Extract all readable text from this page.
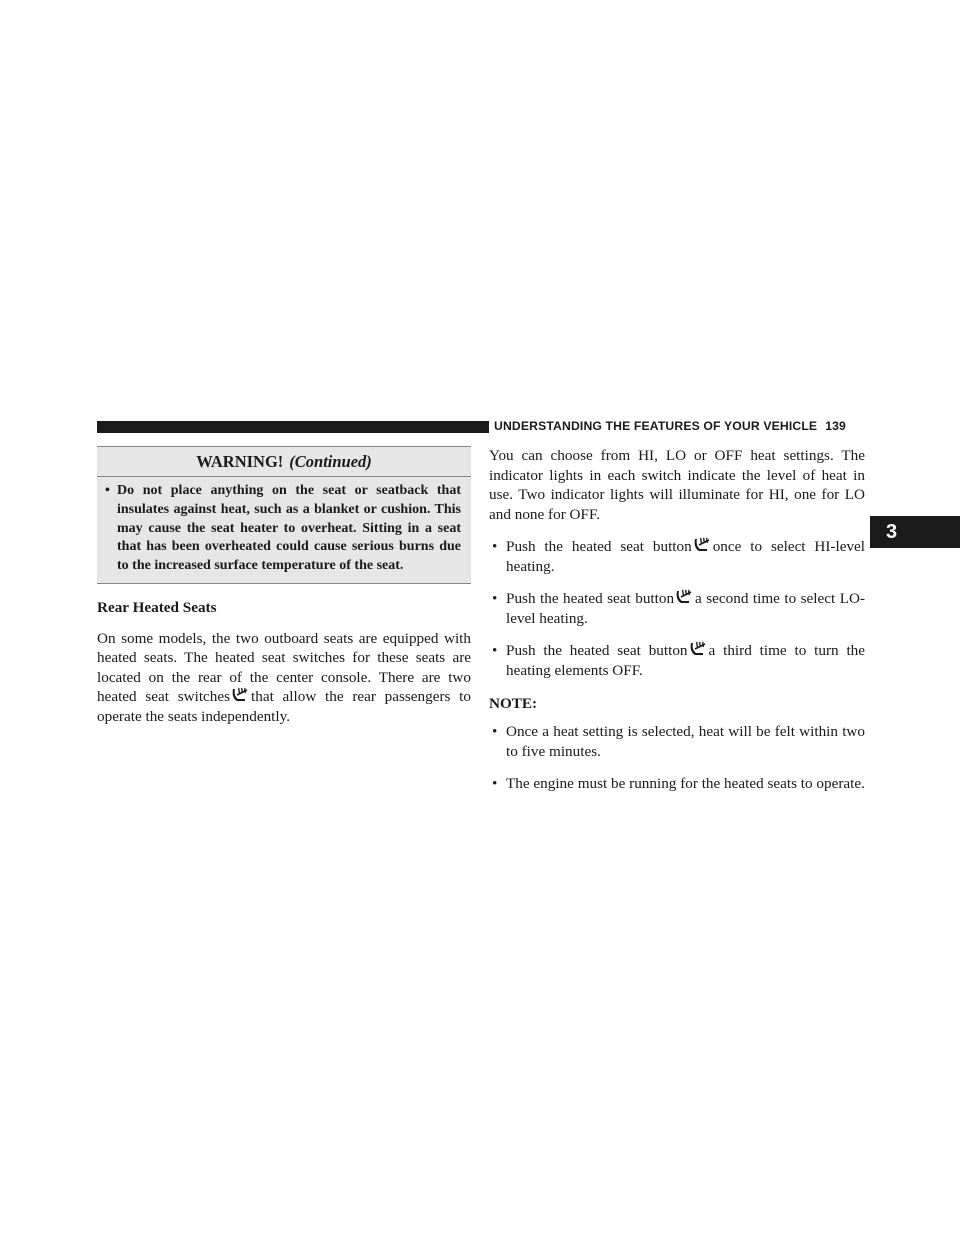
UNDERSTANDING THE FEATURES OF YOUR VEHICLE 139
3
WARNING! (Continued)
• Do not place anything on the seat or seatback that insulates against heat, such as a blanket or cushion. This may cause the seat heater to overheat. Sitting in a seat that has been overheated could cause serious burns due to the increased surface temperature of the seat.
Rear Heated Seats

On some models, the two outboard seats are equipped with heated seats. The heated seat switches for these seats are located on the rear of the center console. There are two heated seat switches that allow the rear passengers to operate the seats independently.

You can choose from HI, LO or OFF heat settings. The indicator lights in each switch indicate the level of heat in use. Two indicator lights will illuminate for HI, one for LO and none for OFF.

• Push the heated seat button once to select HI-level heating.
• Push the heated seat button a second time to select LO-level heating.
• Push the heated seat button a third time to turn the heating elements OFF.
NOTE:
• Once a heat setting is selected, heat will be felt within two to five minutes.
• The engine must be running for the heated seats to operate.
